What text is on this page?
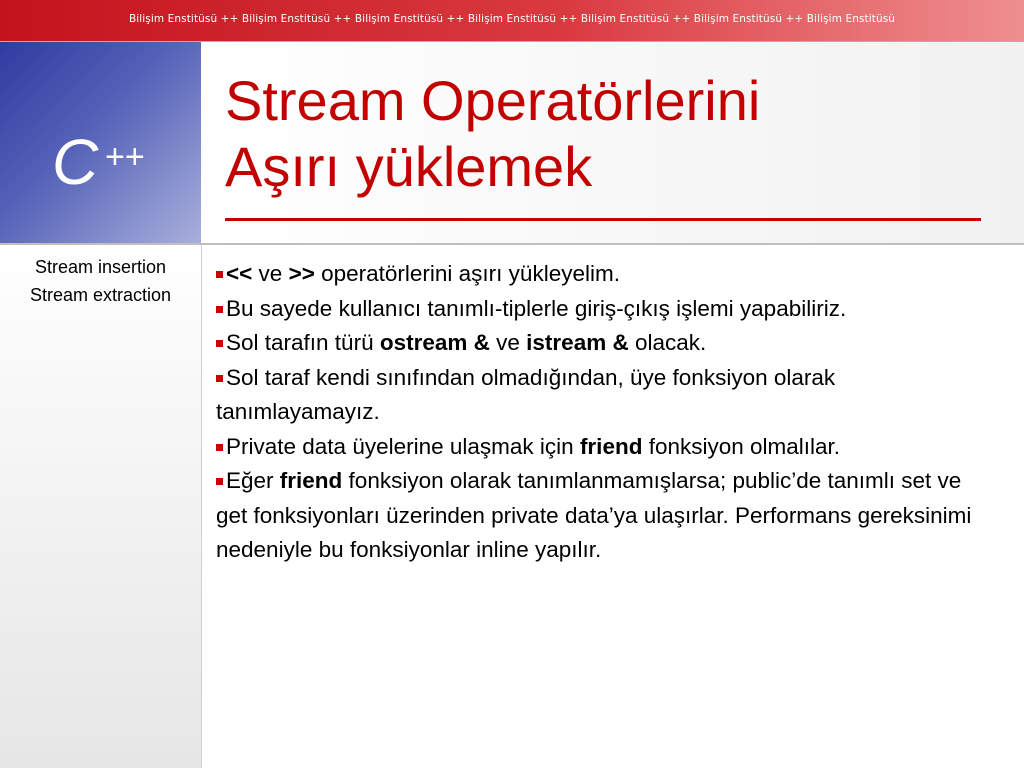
Bilişim Enstitüsü ++ Bilişim Enstitüsü ++ Bilişim Enstitüsü ++ Bilişim Enstitüsü ++ Bilişim Enstitüsü ++ Bilişim Enstitüsü ++ Bilişim Enstitüsü
C ++
Stream Operatörlerini
Aşırı yüklemek
Stream insertion
Stream extraction

<< ve >> operatörlerini aşırı yükleyelim.

Bu sayede kullanıcı tanımlı-tiplerle giriş-çıkış işlemi yapabiliriz.

Sol tarafın türü ostream & ve istream & olacak.

Sol taraf kendi sınıfından olmadığından, üye fonksiyon olarak tanımlayamayız.

Private data üyelerine ulaşmak için friend fonksiyon olmalılar.

Eğer friend fonksiyon olarak tanımlanmamışlarsa; public’de tanımlı set ve get fonksiyonları üzerinden private data’ya ulaşırlar. Performans gereksinimi nedeniyle bu fonksiyonlar inline yapılır.
